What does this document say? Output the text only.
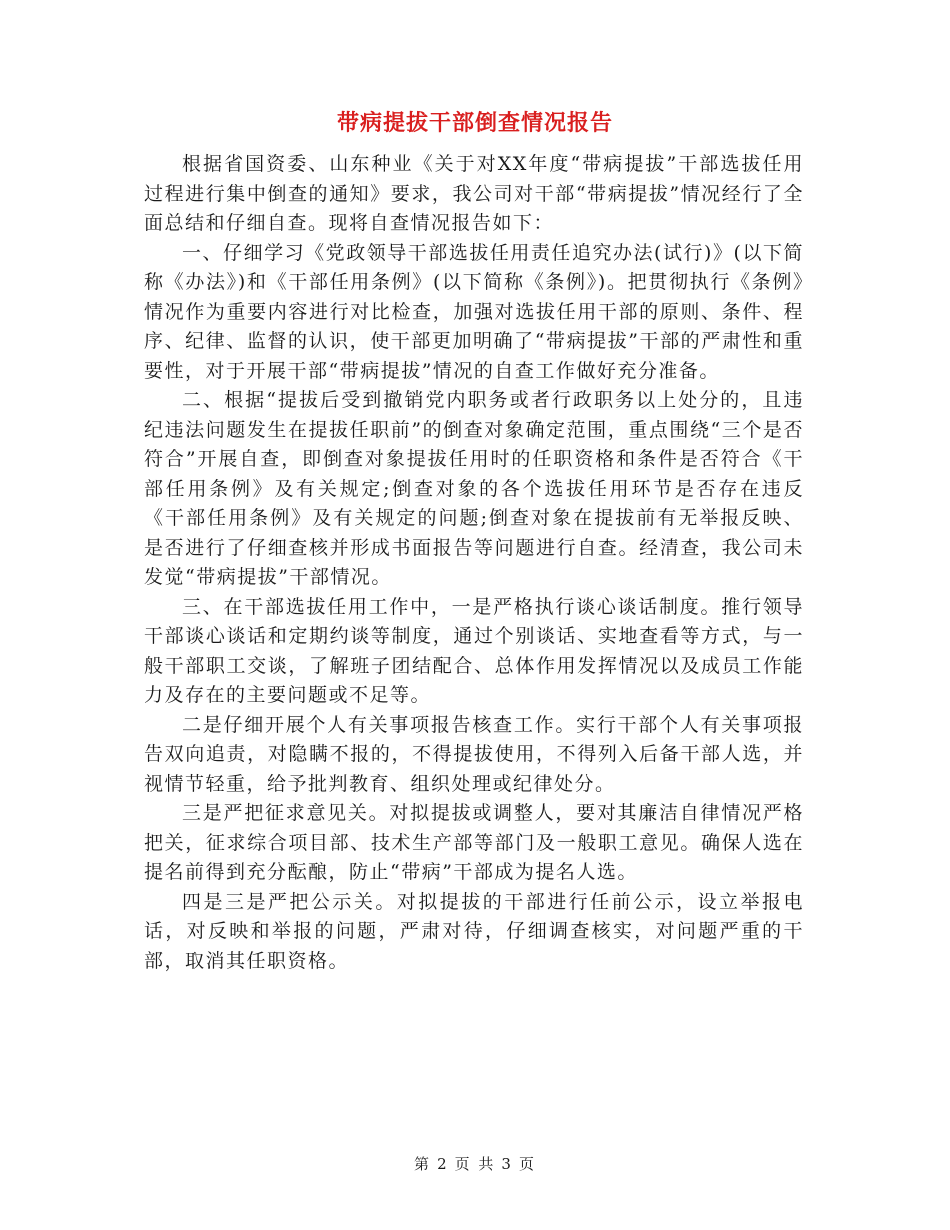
带病提拔干部倒查情况报告

根据省国资委、山东种业《关于对XX年度“带病提拔”干部选拔任用过程进行集中倒查的通知》要求，我公司对干部“带病提拔”情况经行了全面总结和仔细自查。现将自查情况报告如下：

一、仔细学习《党政领导干部选拔任用责任追究办法(试行)》(以下简称《办法》)和《干部任用条例》(以下简称《条例》)。把贯彻执行《条例》情况作为重要内容进行对比检查，加强对选拔任用干部的原则、条件、程序、纪律、监督的认识，使干部更加明确了“带病提拔”干部的严肃性和重要性，对于开展干部“带病提拔”情况的自查工作做好充分准备。

二、根据“提拔后受到撤销党内职务或者行政职务以上处分的，且违纪违法问题发生在提拔任职前”的倒查对象确定范围，重点围绕“三个是否符合”开展自查，即倒查对象提拔任用时的任职资格和条件是否符合《干部任用条例》及有关规定;倒查对象的各个选拔任用环节是否存在违反《干部任用条例》及有关规定的问题;倒查对象在提拔前有无举报反映、是否进行了仔细查核并形成书面报告等问题进行自查。经清查，我公司未发觉“带病提拔”干部情况。

三、在干部选拔任用工作中，一是严格执行谈心谈话制度。推行领导干部谈心谈话和定期约谈等制度，通过个别谈话、实地查看等方式，与一般干部职工交谈，了解班子团结配合、总体作用发挥情况以及成员工作能力及存在的主要问题或不足等。

二是仔细开展个人有关事项报告核查工作。实行干部个人有关事项报告双向追责，对隐瞒不报的，不得提拔使用，不得列入后备干部人选，并视情节轻重，给予批判教育、组织处理或纪律处分。

三是严把征求意见关。对拟提拔或调整人，要对其廉洁自律情况严格把关，征求综合项目部、技术生产部等部门及一般职工意见。确保人选在提名前得到充分酝酿，防止“带病”干部成为提名人选。

四是三是严把公示关。对拟提拔的干部进行任前公示，设立举报电话，对反映和举报的问题，严肃对待，仔细调查核实，对问题严重的干部，取消其任职资格。

第 2 页 共 3 页
